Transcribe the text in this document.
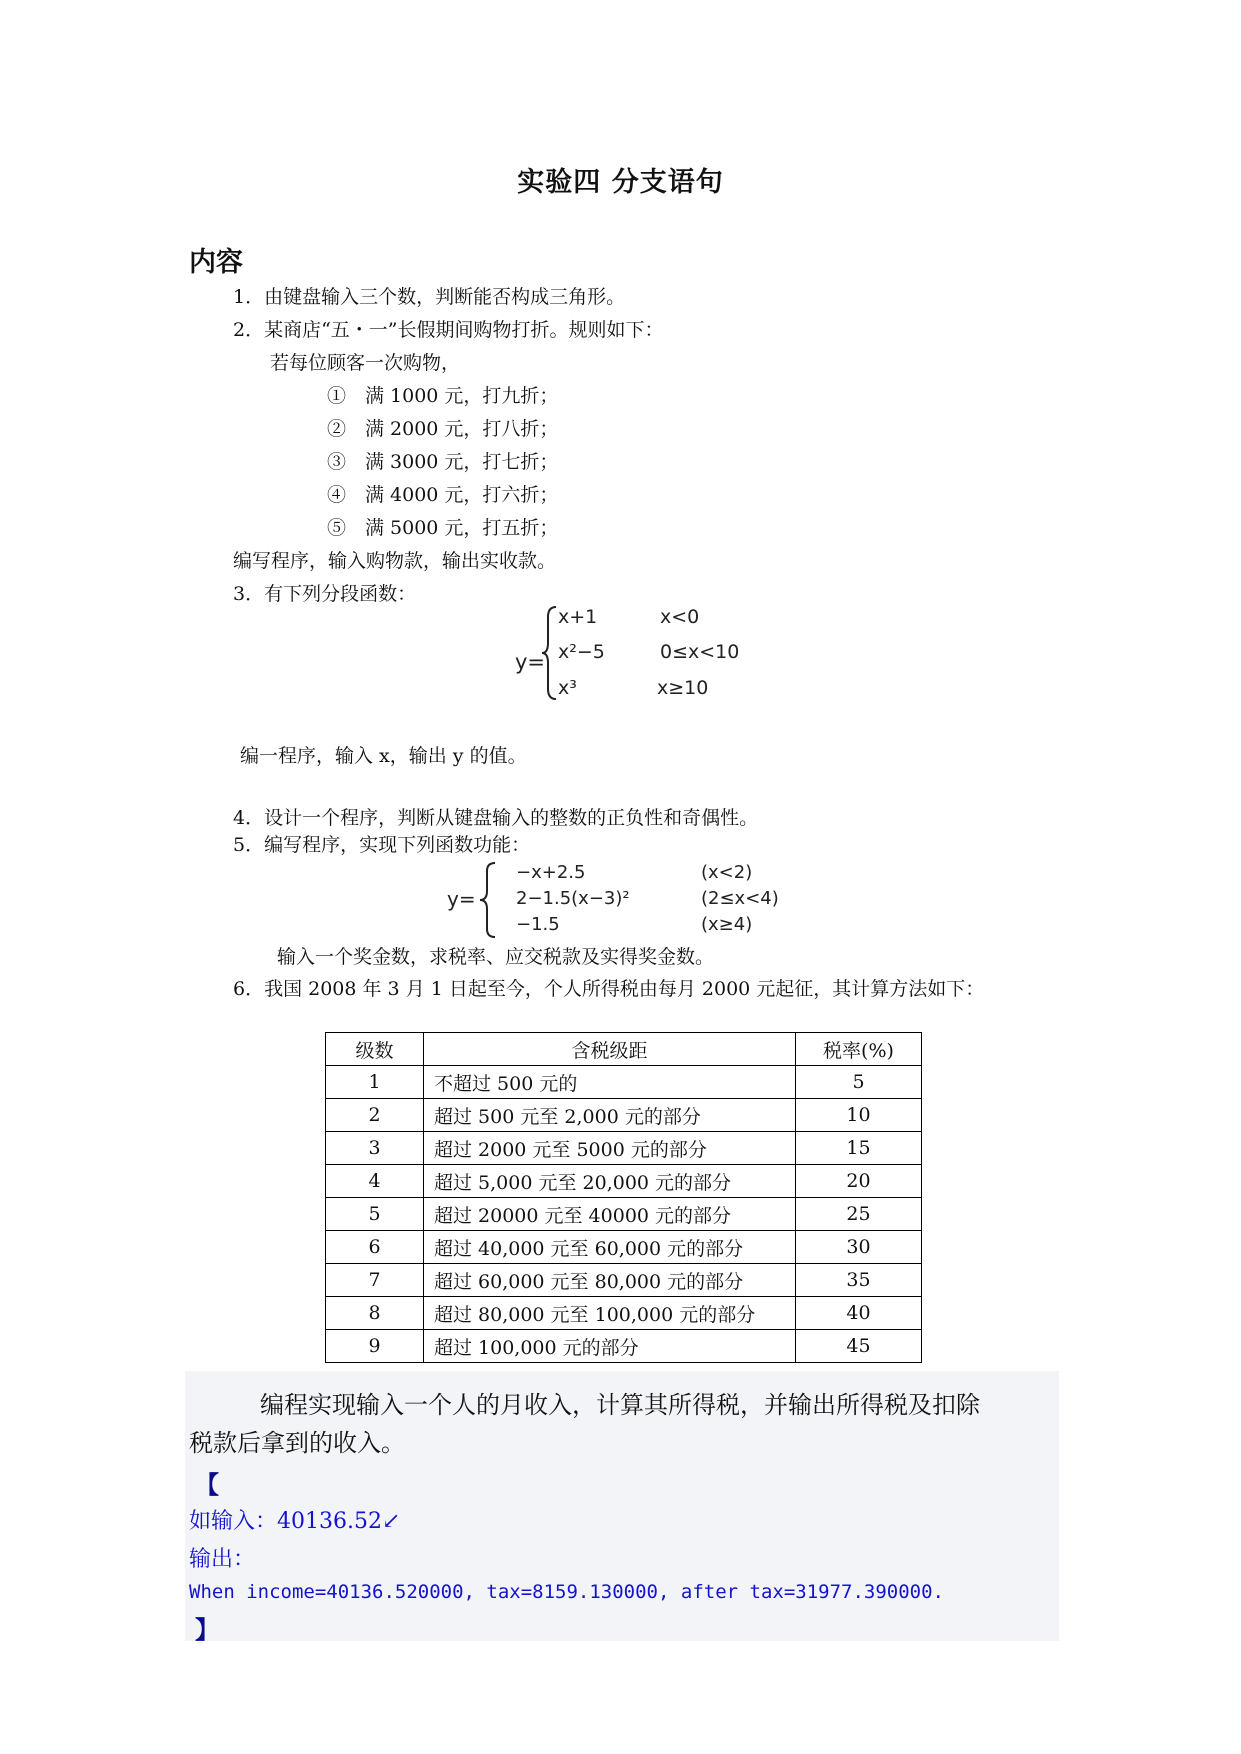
实验四 分支语句
内容
1．由键盘输入三个数，判断能否构成三角形。
2．某商店“五・一”长假期间购物打折。规则如下：
若每位顾客一次购物，
①　满 1000 元，打九折；
②　满 2000 元，打八折；
③　满 3000 元，打七折；
④　满 4000 元，打六折；
⑤　满 5000 元，打五折；
编写程序，输入购物款，输出实收款。
3．有下列分段函数：
y=
x+1	x<0
x²−5	0≤x<10
x³	x≥10
编一程序，输入 x，输出 y 的值。
4．设计一个程序，判断从键盘输入的整数的正负性和奇偶性。
5．编写程序，实现下列函数功能：
y=
−x+2.5	(x<2)
2−1.5(x−3)²	(2≤x<4)
−1.5	(x≥4)
输入一个奖金数，求税率、应交税款及实得奖金数。
6．我国 2008 年 3 月 1 日起至今，个人所得税由每月 2000 元起征，其计算方法如下：
级数	含税级距	税率(%)
1	不超过 500 元的	5
2	超过 500 元至 2,000 元的部分	10
3	超过 2000 元至 5000 元的部分	15
4	超过 5,000 元至 20,000 元的部分	20
5	超过 20000 元至 40000 元的部分	25
6	超过 40,000 元至 60,000 元的部分	30
7	超过 60,000 元至 80,000 元的部分	35
8	超过 80,000 元至 100,000 元的部分	40
9	超过 100,000 元的部分	45
编程实现输入一个人的月收入，计算其所得税，并输出所得税及扣除
税款后拿到的收入。
【
如输入：40136.52↙
输出：
When income=40136.520000, tax=8159.130000, after tax=31977.390000.
】
